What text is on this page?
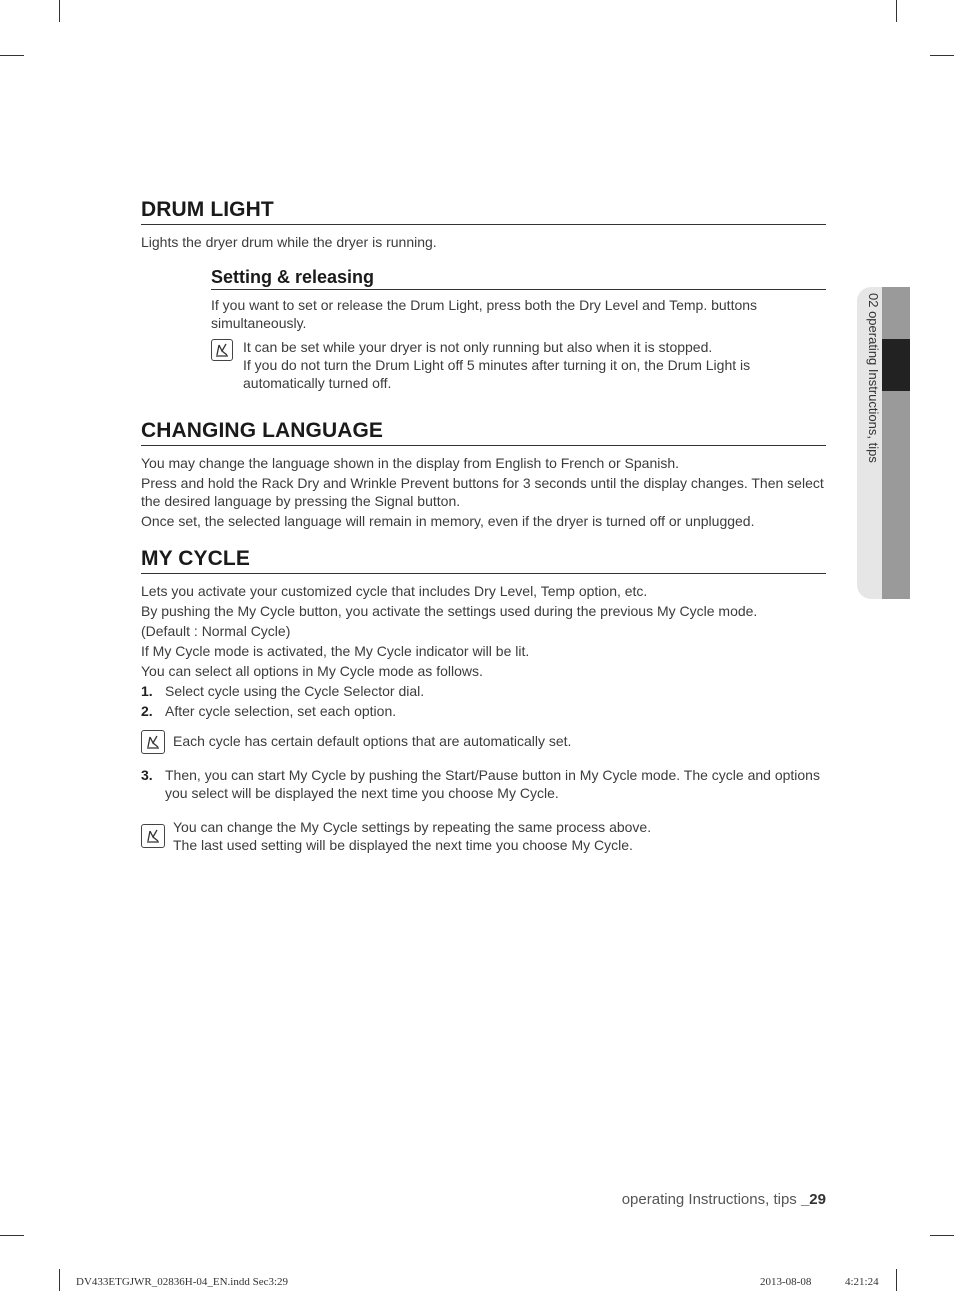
DRUM LIGHT

Lights the dryer drum while the dryer is running.

Setting & releasing

If you want to set or release the Drum Light, press both the Dry Level and Temp. buttons simultaneously.

It can be set while your dryer is not only running but also when it is stopped.

If you do not turn the Drum Light off 5 minutes after turning it on, the Drum Light is automatically turned off.

CHANGING LANGUAGE

You may change the language shown in the display from English to French or Spanish.

Press and hold the Rack Dry and Wrinkle Prevent buttons for 3 seconds until the display changes. Then select the desired language by pressing the Signal button.

Once set, the selected language will remain in memory, even if the dryer is turned off or unplugged.

MY CYCLE

Lets you activate your customized cycle that includes Dry Level, Temp option, etc.

By pushing the My Cycle button, you activate the settings used during the previous My Cycle mode.

(Default : Normal Cycle)

If My Cycle mode is activated, the My Cycle indicator will be lit.

You can select all options in My Cycle mode as follows.

1. Select cycle using the Cycle Selector dial.
2. After cycle selection, set each option.

Each cycle has certain default options that are automatically set.

3. Then, you can start My Cycle by pushing the Start/Pause button in My Cycle mode. The cycle and options you select will be displayed the next time you choose My Cycle.

You can change the My Cycle settings by repeating the same process above.

The last used setting will be displayed the next time you choose My Cycle.

02 operating Instructions, tips
operating Instructions, tips _29
DV433ETGJWR_02836H-04_EN.indd Sec3:29	2013-08-08	4:21:24
